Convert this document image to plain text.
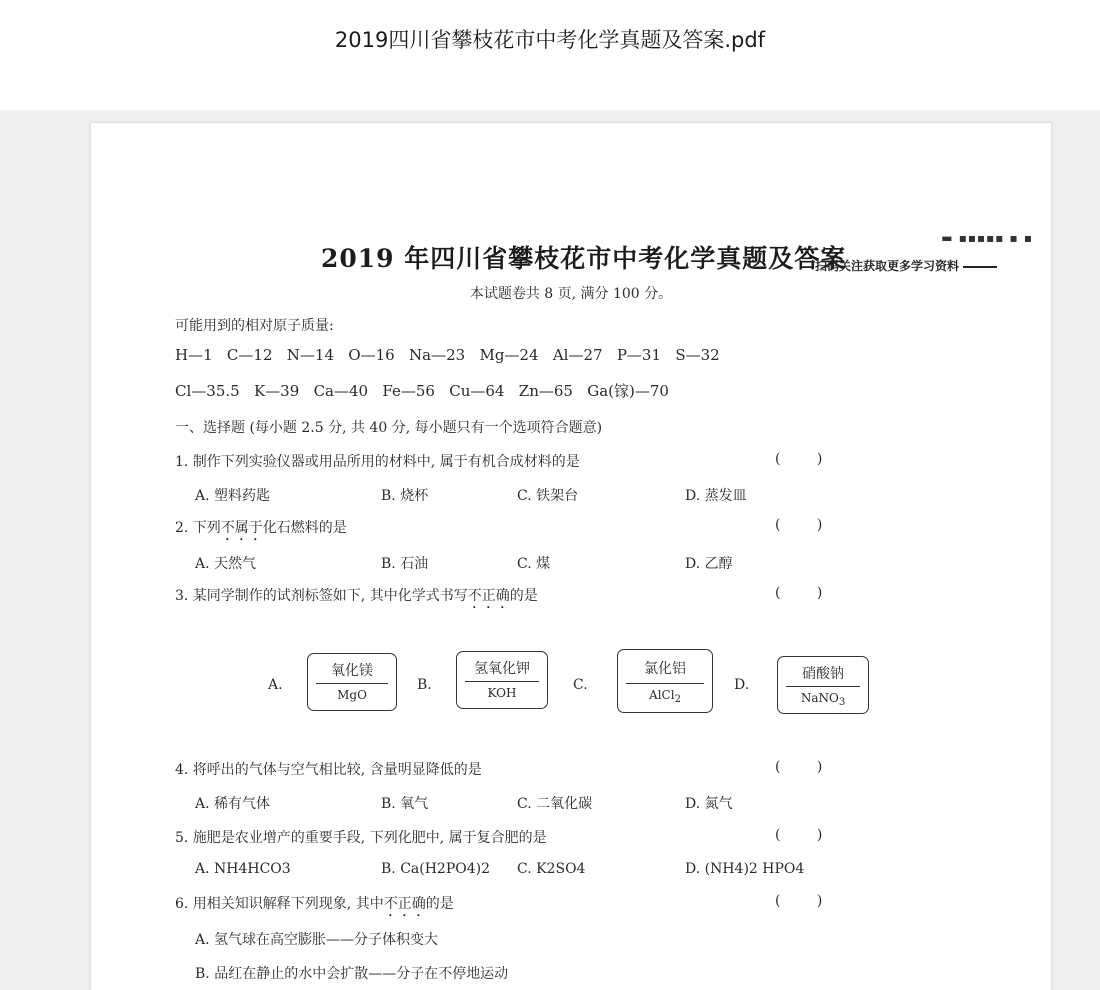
2019四川省攀枝花市中考化学真题及答案.pdf
▬ ▪▪▪▪▪ ▪ ▪
2019 年四川省攀枝花市中考化学真题及答案
扫码关注获取更多学习资料
本试题卷共 8 页, 满分 100 分。
可能用到的相对原子质量:
H—1   C—12   N—14   O—16   Na—23   Mg—24   Al—27   P—31   S—32
Cl—35.5   K—39   Ca—40   Fe—56   Cu—64   Zn—65   Ga(镓)—70
一、选择题 (每小题 2.5 分, 共 40 分, 每小题只有一个选项符合题意)
1. 制作下列实验仪器或用品所用的材料中, 属于有机合成材料的是	( )
A. 塑料药匙	B. 烧杯	C. 铁架台	D. 蒸发皿
2. 下列不属于化石燃料的是	( )
A. 天然气	B. 石油	C. 煤	D. 乙醇
3. 某同学制作的试剂标签如下, 其中化学式书写不正确的是	( )
A.
氧化镁
MgO
B.
氢氧化钾
KOH	C.
氯化铝
AlCl$_2$
D.
硝酸钠
NaNO$_3$
4. 将呼出的气体与空气相比较, 含量明显降低的是	( )
A. 稀有气体	B. 氧气	C. 二氧化碳	D. 氮气
5. 施肥是农业增产的重要手段, 下列化肥中, 属于复合肥的是	( )
A. NH4HCO3	B. Ca(H2PO4)2 C. K2SO4	D. (NH4)2 HPO4
6. 用相关知识解释下列现象, 其中不正确的是	( )
A. 氢气球在高空膨胀——分子体积变大
B. 品红在静止的水中会扩散——分子在不停地运动
